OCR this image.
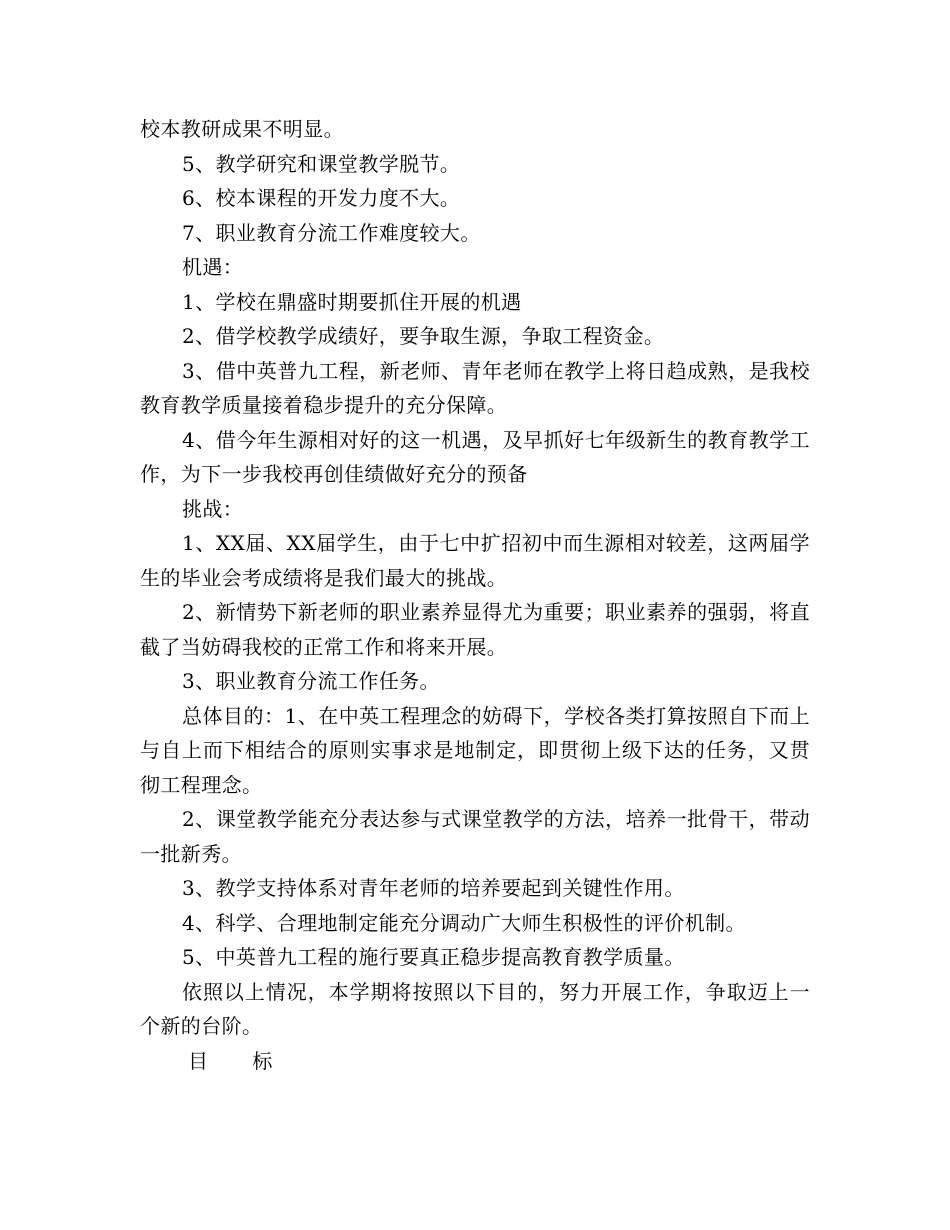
校本教研成果不明显。

5、教学研究和课堂教学脱节。

6、校本课程的开发力度不大。

7、职业教育分流工作难度较大。

机遇：

1、学校在鼎盛时期要抓住开展的机遇

2、借学校教学成绩好，要争取生源，争取工程资金。

3、借中英普九工程，新老师、青年老师在教学上将日趋成熟，是我校教育教学质量接着稳步提升的充分保障。

4、借今年生源相对好的这一机遇，及早抓好七年级新生的教育教学工作，为下一步我校再创佳绩做好充分的预备

挑战：

1、XX届、XX届学生，由于七中扩招初中而生源相对较差，这两届学生的毕业会考成绩将是我们最大的挑战。

2、新情势下新老师的职业素养显得尤为重要；职业素养的强弱，将直截了当妨碍我校的正常工作和将来开展。

3、职业教育分流工作任务。

总体目的：1、在中英工程理念的妨碍下，学校各类打算按照自下而上与自上而下相结合的原则实事求是地制定，即贯彻上级下达的任务，又贯彻工程理念。

2、课堂教学能充分表达参与式课堂教学的方法，培养一批骨干，带动一批新秀。

3、教学支持体系对青年老师的培养要起到关键性作用。

4、科学、合理地制定能充分调动广大师生积极性的评价机制。

5、中英普九工程的施行要真正稳步提高教育教学质量。

依照以上情况，本学期将按照以下目的，努力开展工作，争取迈上一个新的台阶。

目 标
